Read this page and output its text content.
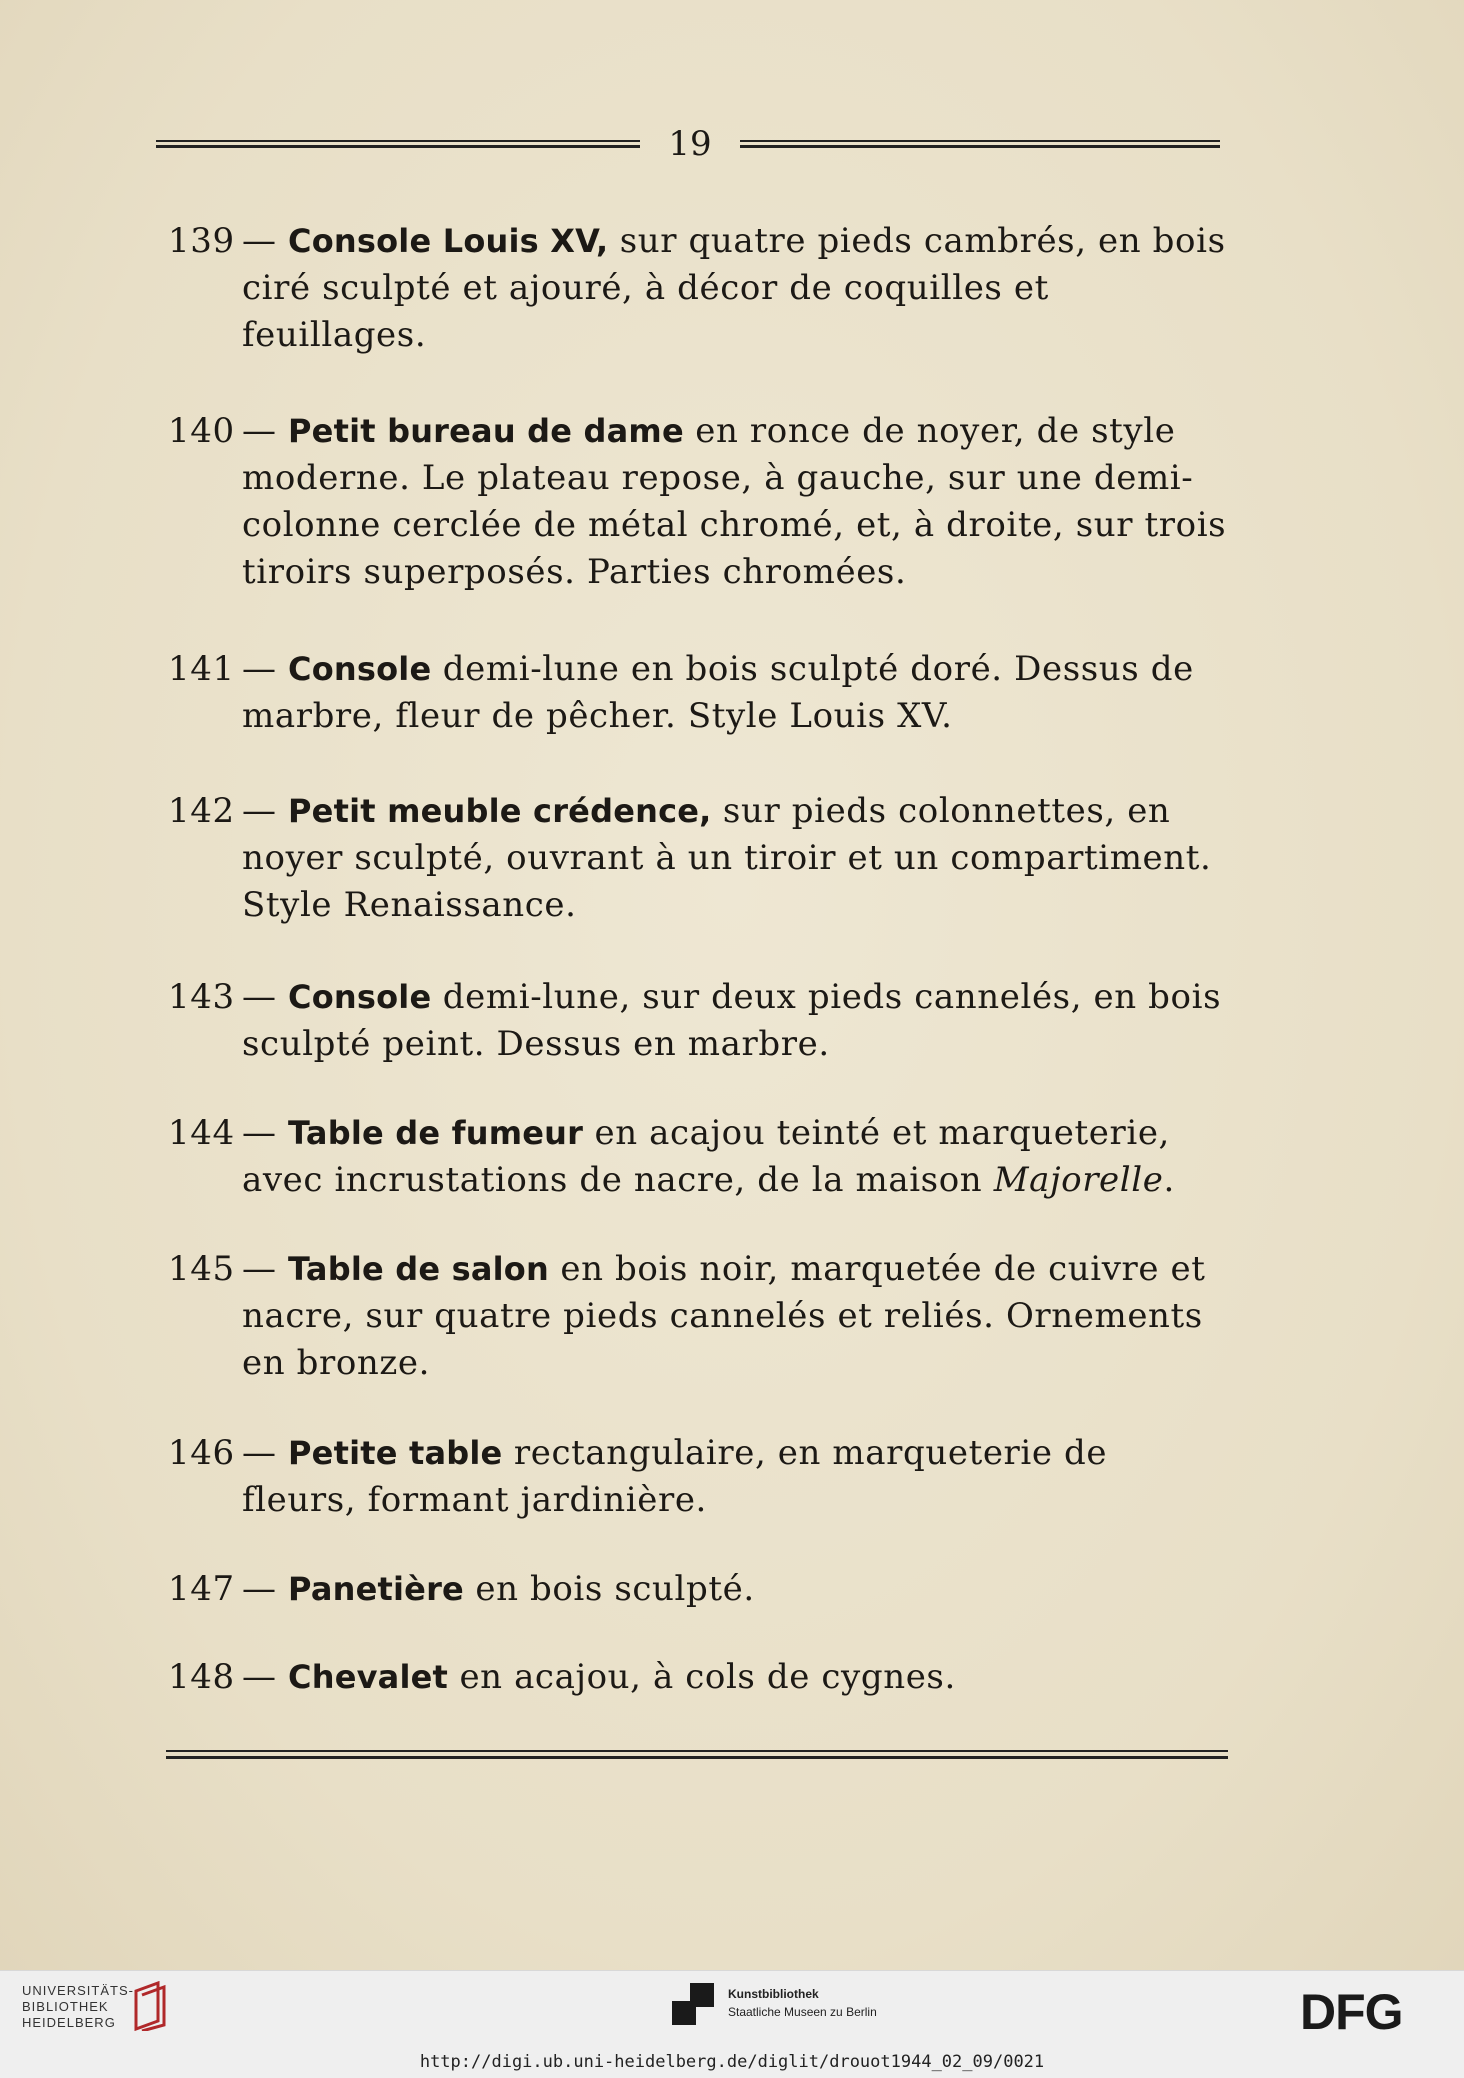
19
139 — Console Louis XV, sur quatre pieds cambrés, en bois ciré sculpté et ajouré, à décor de coquilles et feuillages.
140 — Petit bureau de dame en ronce de noyer, de style moderne. Le plateau repose, à gauche, sur une demi-colonne cerclée de métal chromé, et, à droite, sur trois tiroirs superposés. Parties chromées.
141 — Console demi-lune en bois sculpté doré. Dessus de marbre, fleur de pêcher. Style Louis XV.
142 — Petit meuble crédence, sur pieds colonnettes, en noyer sculpté, ouvrant à un tiroir et un compartiment. Style Renaissance.
143 — Console demi-lune, sur deux pieds cannelés, en bois sculpté peint. Dessus en marbre.
144 — Table de fumeur en acajou teinté et marqueterie, avec incrustations de nacre, de la maison Majorelle.
145 — Table de salon en bois noir, marquetée de cuivre et nacre, sur quatre pieds cannelés et reliés. Ornements en bronze.
146 — Petite table rectangulaire, en marqueterie de fleurs, formant jardinière.
147 — Panetière en bois sculpté.
148 — Chevalet en acajou, à cols de cygnes.
UNIVERSITÄTS-
BIBLIOTHEK
HEIDELBERG
Kunstbibliothek
Staatliche Museen zu Berlin	DFG
http://digi.ub.uni-heidelberg.de/diglit/drouot1944_02_09/0021
